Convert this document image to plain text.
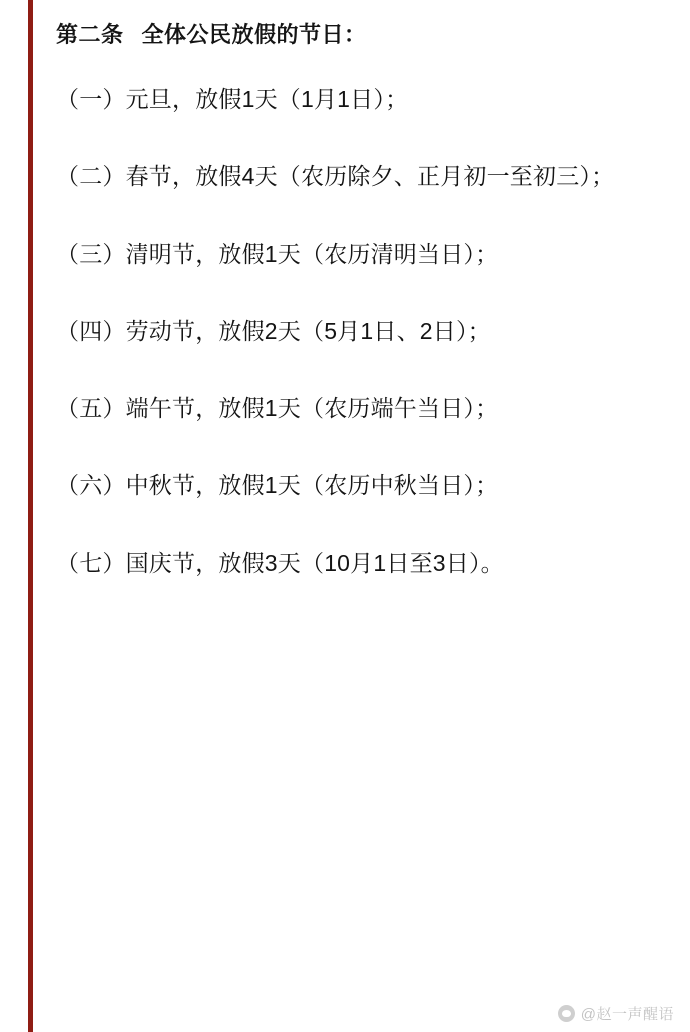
第二条 全体公民放假的节日：

（一）元旦，放假1天（1月1日）；

（二）春节，放假4天（农历除夕、正月初一至初三）；

（三）清明节，放假1天（农历清明当日）；

（四）劳动节，放假2天（5月1日、2日）；

（五）端午节，放假1天（农历端午当日）；

（六）中秋节，放假1天（农历中秋当日）；

（七）国庆节，放假3天（10月1日至3日）。

@赵一声醒语
